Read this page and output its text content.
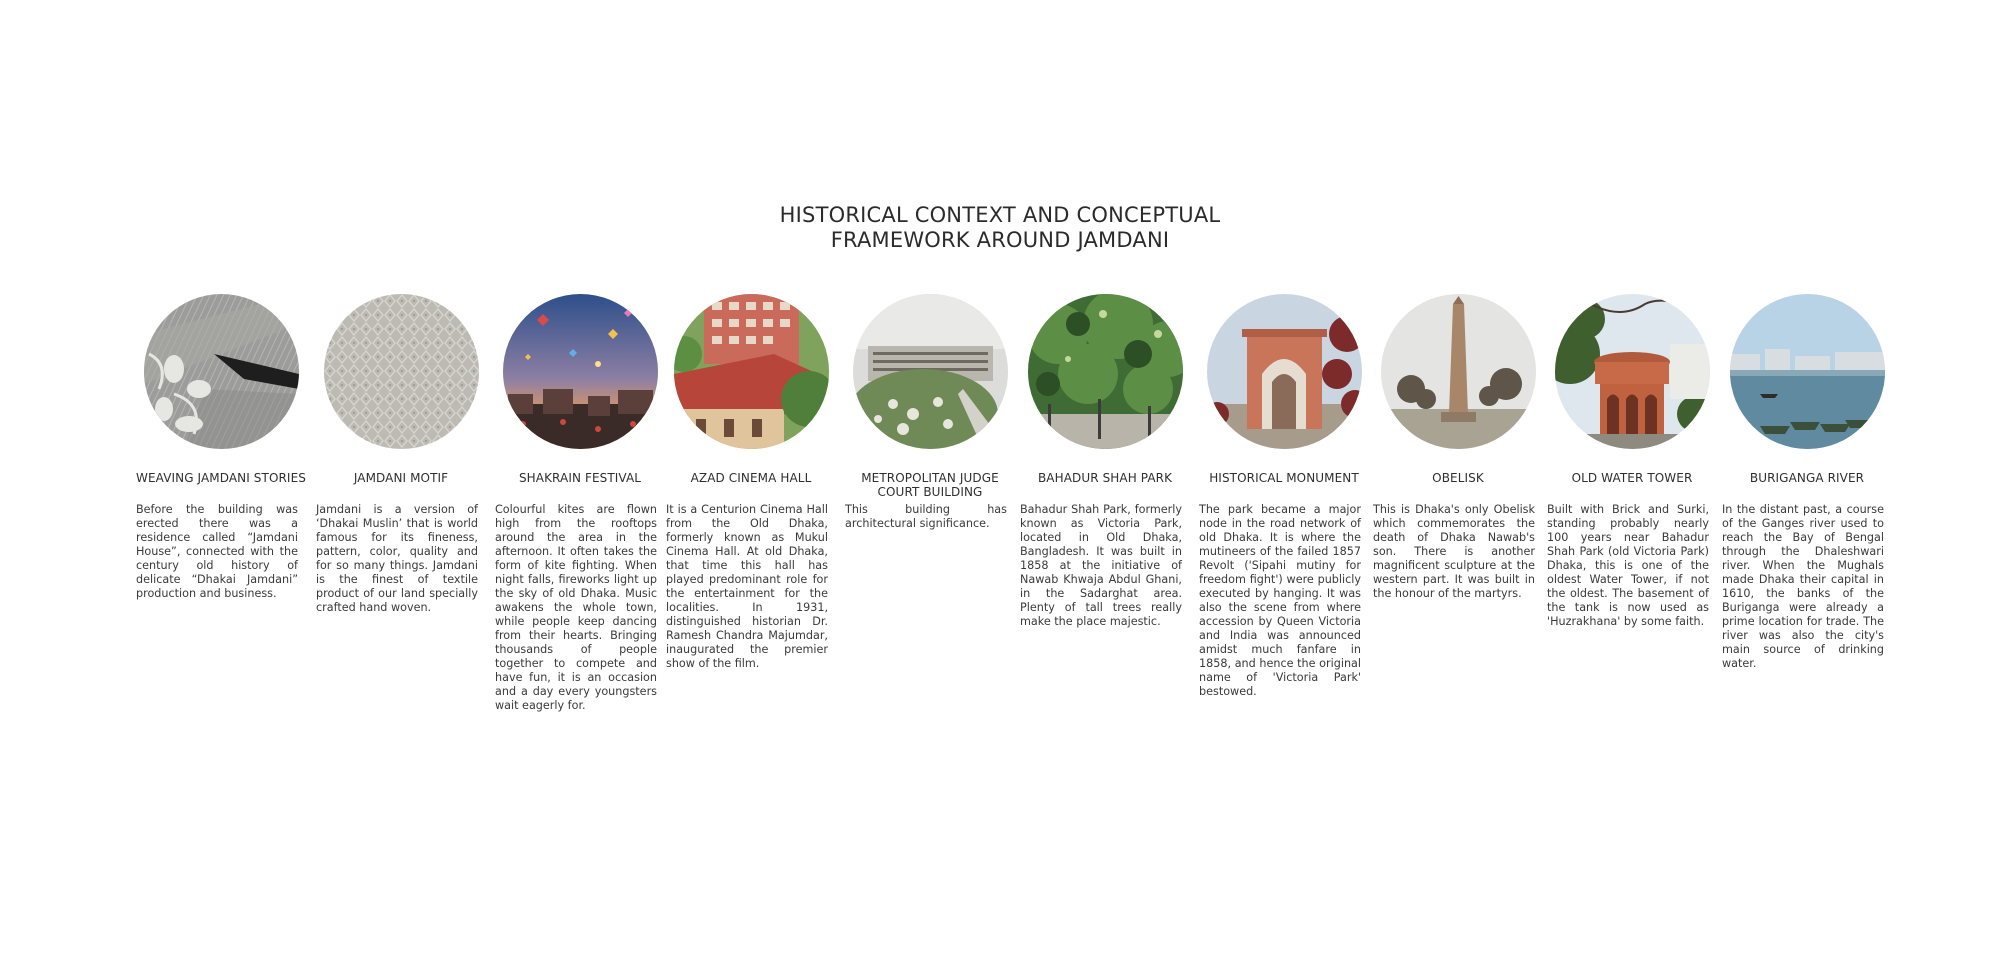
HISTORICAL CONTEXT AND CONCEPTUAL
FRAMEWORK AROUND JAMDANI
WEAVING JAMDANI STORIES
Before the building was erected there was a residence called “Jamdani House”, connected with the century old history of delicate “Dhakai Jamdani” production and business.
JAMDANI MOTIF
Jamdani is a version of ‘Dhakai Muslin’ that is world famous for its fineness, pattern, color, quality and for so many things. Jamdani is the finest of textile product of our land specially crafted hand woven.
SHAKRAIN FESTIVAL
Colourful kites are flown high from the rooftops around the area in the afternoon. It often takes the form of kite fighting. When night falls, fireworks light up the sky of old Dhaka. Music awakens the whole town, while people keep dancing from their hearts. Bringing thousands of people together to compete and have fun, it is an occasion and a day every youngsters wait eagerly for.
AZAD CINEMA HALL
It is a Centurion Cinema Hall from the Old Dhaka, formerly known as Mukul Cinema Hall. At old Dhaka, that time this hall has played predominant role for the entertainment for the localities. In 1931, distinguished historian Dr. Ramesh Chandra Majumdar, inaugurated the premier show of the film.
METROPOLITAN JUDGE
COURT BUILDING
This building has architectural significance.
BAHADUR SHAH PARK
Bahadur Shah Park, formerly known as Victoria Park, located in Old Dhaka, Bangladesh. It was built in 1858 at the initiative of Nawab Khwaja Abdul Ghani, in the Sadarghat area. Plenty of tall trees really make the place majestic.
HISTORICAL MONUMENT
The park became a major node in the road network of old Dhaka. It is where the mutineers of the failed 1857 Revolt ('Sipahi mutiny for freedom fight') were publicly executed by hanging. It was also the scene from where accession by Queen Victoria and India was announced amidst much fanfare in 1858, and hence the original name of 'Victoria Park' bestowed.
OBELISK
This is Dhaka's only Obelisk which commemorates the death of Dhaka Nawab's son. There is another magnificent sculpture at the western part. It was built in the honour of the martyrs.
OLD WATER TOWER
Built with Brick and Surki, standing probably nearly 100 years near Bahadur Shah Park (old Victoria Park) Dhaka, this is one of the oldest Water Tower, if not the oldest. The basement of the tank is now used as 'Huzrakhana' by some faith.
BURIGANGA RIVER
In the distant past, a course of the Ganges river used to reach the Bay of Bengal through the Dhaleshwari river. When the Mughals made Dhaka their capital in 1610, the banks of the Buriganga were already a prime location for trade. The river was also the city's main source of drinking water.
